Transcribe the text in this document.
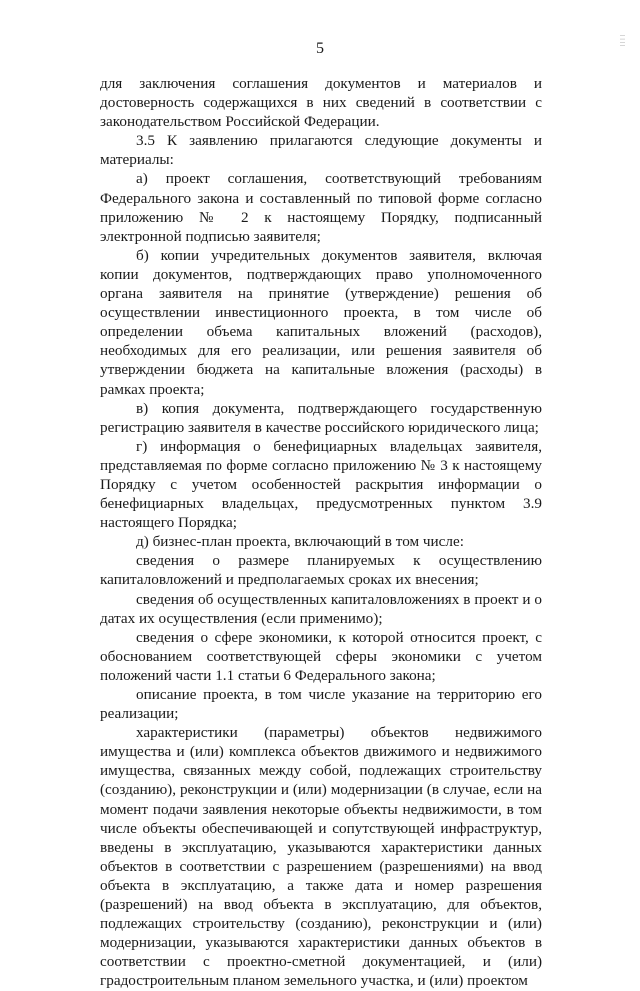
5	ǀ ǀ ǀ ǀ

для заключения соглашения документов и материалов и достоверность содержащихся в них сведений в соответствии с законодательством Российской Федерации.

3.5 К заявлению прилагаются следующие документы и материалы:

а) проект соглашения, соответствующий требованиям Федерального закона и составленный по типовой форме согласно приложению № 2 к настоящему Порядку, подписанный электронной подписью заявителя;

б) копии учредительных документов заявителя, включая копии документов, подтверждающих право уполномоченного органа заявителя на принятие (утверждение) решения об осуществлении инвестиционного проекта, в том числе об определении объема капитальных вложений (расходов), необходимых для его реализации, или решения заявителя об утверждении бюджета на капитальные вложения (расходы) в рамках проекта;

в) копия документа, подтверждающего государственную регистрацию заявителя в качестве российского юридического лица;

г) информация о бенефициарных владельцах заявителя, представляемая по форме согласно приложению № 3 к настоящему Порядку с учетом особенностей раскрытия информации о бенефициарных владельцах, предусмотренных пунктом 3.9 настоящего Порядка;

д) бизнес-план проекта, включающий в том числе:

сведения о размере планируемых к осуществлению капиталовложений и предполагаемых сроках их внесения;

сведения об осуществленных капиталовложениях в проект и о датах их осуществления (если применимо);

сведения о сфере экономики, к которой относится проект, с обоснованием соответствующей сферы экономики с учетом положений части 1.1 статьи 6 Федерального закона;

описание проекта, в том числе указание на территорию его реализации;

характеристики (параметры) объектов недвижимого имущества и (или) комплекса объектов движимого и недвижимого имущества, связанных между собой, подлежащих строительству (созданию), реконструкции и (или) модернизации (в случае, если на момент подачи заявления некоторые объекты недвижимости, в том числе объекты обеспечивающей и сопутствующей инфраструктур, введены в эксплуатацию, указываются характеристики данных объектов в соответствии с разрешением (разрешениями) на ввод объекта в эксплуатацию, а также дата и номер разрешения (разрешений) на ввод объекта в эксплуатацию, для объектов, подлежащих строительству (созданию), реконструкции и (или) модернизации, указываются характеристики данных объектов в соответствии с проектно-сметной документацией, и (или) градостроительным планом земельного участка, и (или) проектом
